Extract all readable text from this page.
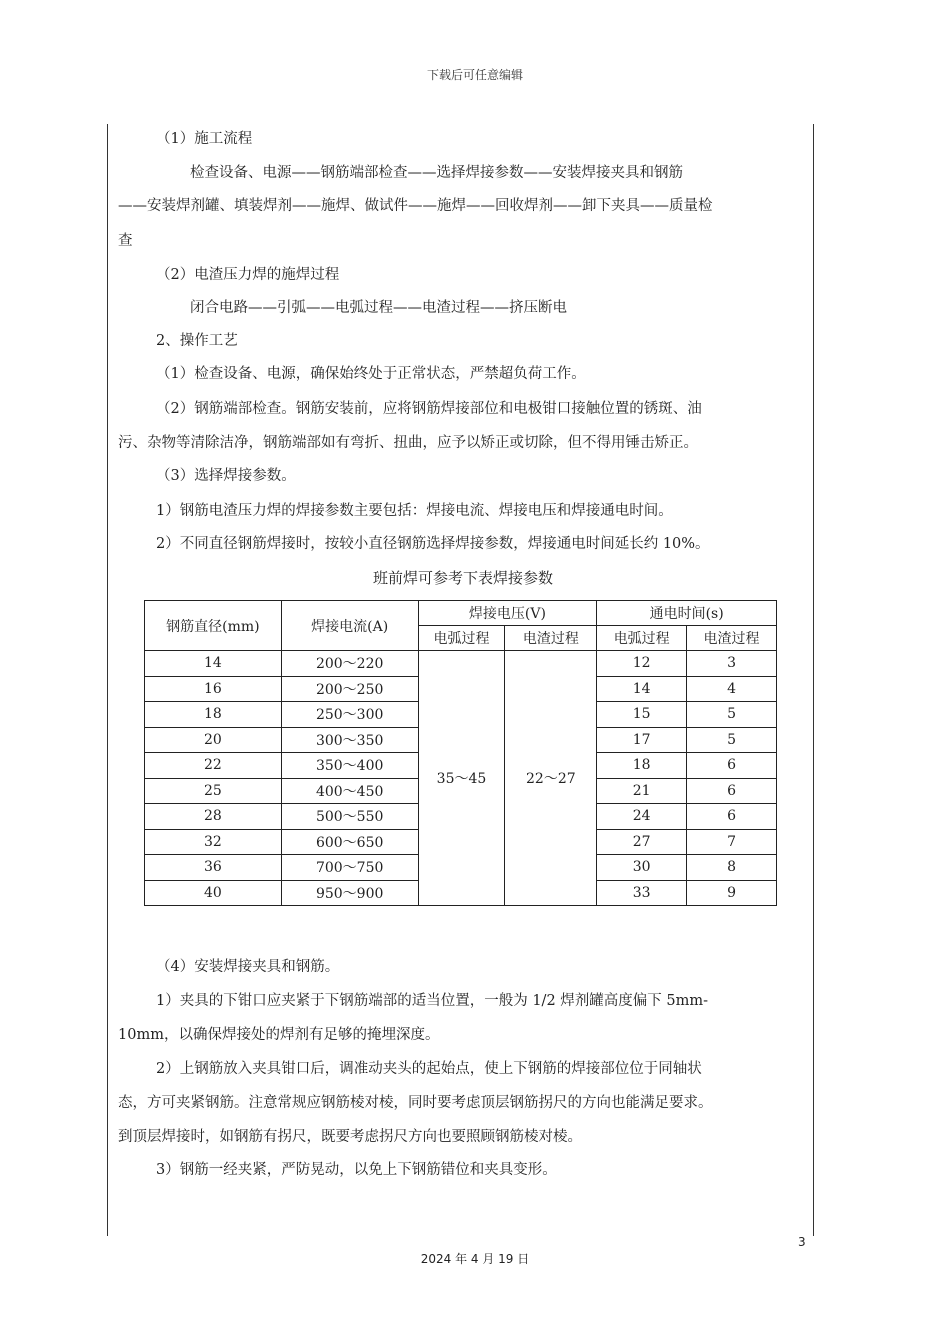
下载后可任意编辑
（1）施工流程
检查设备、电源——钢筋端部检查——选择焊接参数——安装焊接夹具和钢筋
——安装焊剂罐、填装焊剂——施焊、做试件——施焊——回收焊剂——卸下夹具——质量检
查
（2）电渣压力焊的施焊过程
闭合电路——引弧——电弧过程——电渣过程——挤压断电
2、操作工艺
（1）检查设备、电源，确保始终处于正常状态，严禁超负荷工作。
（2）钢筋端部检查。钢筋安装前，应将钢筋焊接部位和电极钳口接触位置的锈斑、油
污、杂物等清除洁净，钢筋端部如有弯折、扭曲，应予以矫正或切除，但不得用锤击矫正。
（3）选择焊接参数。
1）钢筋电渣压力焊的焊接参数主要包括：焊接电流、焊接电压和焊接通电时间。
2）不同直径钢筋焊接时，按较小直径钢筋选择焊接参数，焊接通电时间延长约 10%。
班前焊可参考下表焊接参数
钢筋直径(mm)	焊接电流(A)	焊接电压(V)		通电时间(s)	
		电弧过程	电渣过程	电弧过程	电渣过程
14	200～220	35～45	22～27	12	3
16	200～250			14	4
18	250～300			15	5
20	300～350			17	5
22	350～400			18	6
25	400～450			21	6
28	500～550			24	6
32	600～650			27	7
36	700～750			30	8
40	950～900			33	9
（4）安装焊接夹具和钢筋。
1）夹具的下钳口应夹紧于下钢筋端部的适当位置，一般为 1/2 焊剂罐高度偏下 5mm-
10mm，以确保焊接处的焊剂有足够的掩埋深度。
2）上钢筋放入夹具钳口后，调准动夹头的起始点，使上下钢筋的焊接部位位于同轴状
态，方可夹紧钢筋。注意常规应钢筋棱对棱，同时要考虑顶层钢筋拐尺的方向也能满足要求。
到顶层焊接时，如钢筋有拐尺，既要考虑拐尺方向也要照顾钢筋棱对棱。
3）钢筋一经夹紧，严防晃动，以免上下钢筋错位和夹具变形。
3
2024 年 4 月 19 日
